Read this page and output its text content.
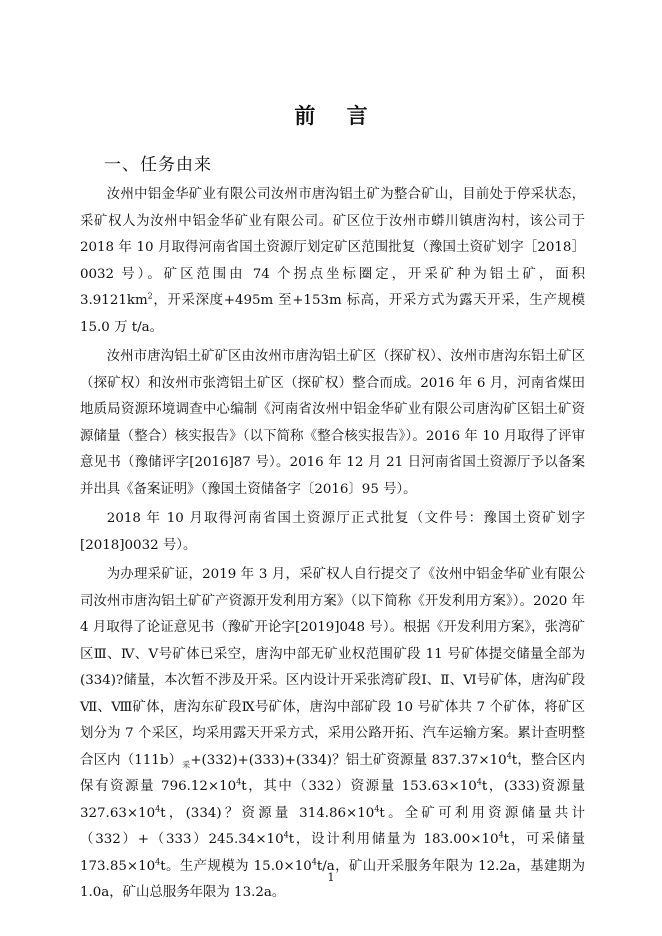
前 言
一、任务由来

汝州中铝金华矿业有限公司汝州市唐沟铝土矿为整合矿山，目前处于停采状态，采矿权人为汝州中铝金华矿业有限公司。矿区位于汝州市蟒川镇唐沟村，该公司于 2018 年 10 月取得河南省国土资源厅划定矿区范围批复（豫国土资矿划字［2018］0032 号）。矿区范围由 74 个拐点坐标圈定，开采矿种为铝土矿，面积 $3.9121km^2$，开采深度+495m 至+153m 标高，开采方式为露天开采，生产规模 15.0 万 t/a。

汝州市唐沟铝土矿矿区由汝州市唐沟铝土矿区（探矿权）、汝州市唐沟东铝土矿区（探矿权）和汝州市张湾铝土矿区（探矿权）整合而成。2016 年 6 月，河南省煤田地质局资源环境调查中心编制《河南省汝州中铝金华矿业有限公司唐沟矿区铝土矿资源储量（整合）核实报告》（以下简称《整合核实报告》）。2016 年 10 月取得了评审意见书（豫储评字[2016]87 号）。2016 年 12 月 21 日河南省国土资源厅予以备案并出具《备案证明》（豫国土资储备字〔2016〕95 号）。

2018 年 10 月取得河南省国土资源厅正式批复（文件号：豫国土资矿划字[2018]0032 号）。

为办理采矿证，2019 年 3 月，采矿权人自行提交了《汝州中铝金华矿业有限公司汝州市唐沟铝土矿矿产资源开发利用方案》（以下简称《开发利用方案》）。2020 年 4 月取得了论证意见书（豫矿开论字[2019]048 号）。根据《开发利用方案》，张湾矿区Ⅲ、Ⅳ、Ⅴ号矿体已采空，唐沟中部无矿业权范围矿段 11 号矿体提交储量全部为(334)?储量，本次暂不涉及开采。区内设计开采张湾矿段Ⅰ、Ⅱ、Ⅵ号矿体，唐沟矿段Ⅶ、Ⅷ矿体，唐沟东矿段Ⅸ号矿体，唐沟中部矿段 10 号矿体共 7 个矿体，将矿区划分为 7 个采区，均采用露天开采方式，采用公路开拓、汽车运输方案。累计查明整合区内$(111b)_采+(332)+(333)+(334)$？铝土矿资源量 $837.37\times 10^4t$，整合区内保有资源量 $796.12\times 10^4t$，其中（332）资源量 $153.63\times 10^4t$，(333)资源量 $327.63\times 10^4t$，(334)？资源量 $314.86\times 10^4t$。全矿可利用资源储量共计$(332)+(333)245.34\times 10^4t$，设计利用储量为 $183.00\times 10^4t$，可采储量 $173.85\times 10^4t$。生产规模为 $15.0\times 10^4t/a$，矿山开采服务年限为 12.2a，基建期为 1.0a，矿山总服务年限为 13.2a。

1
